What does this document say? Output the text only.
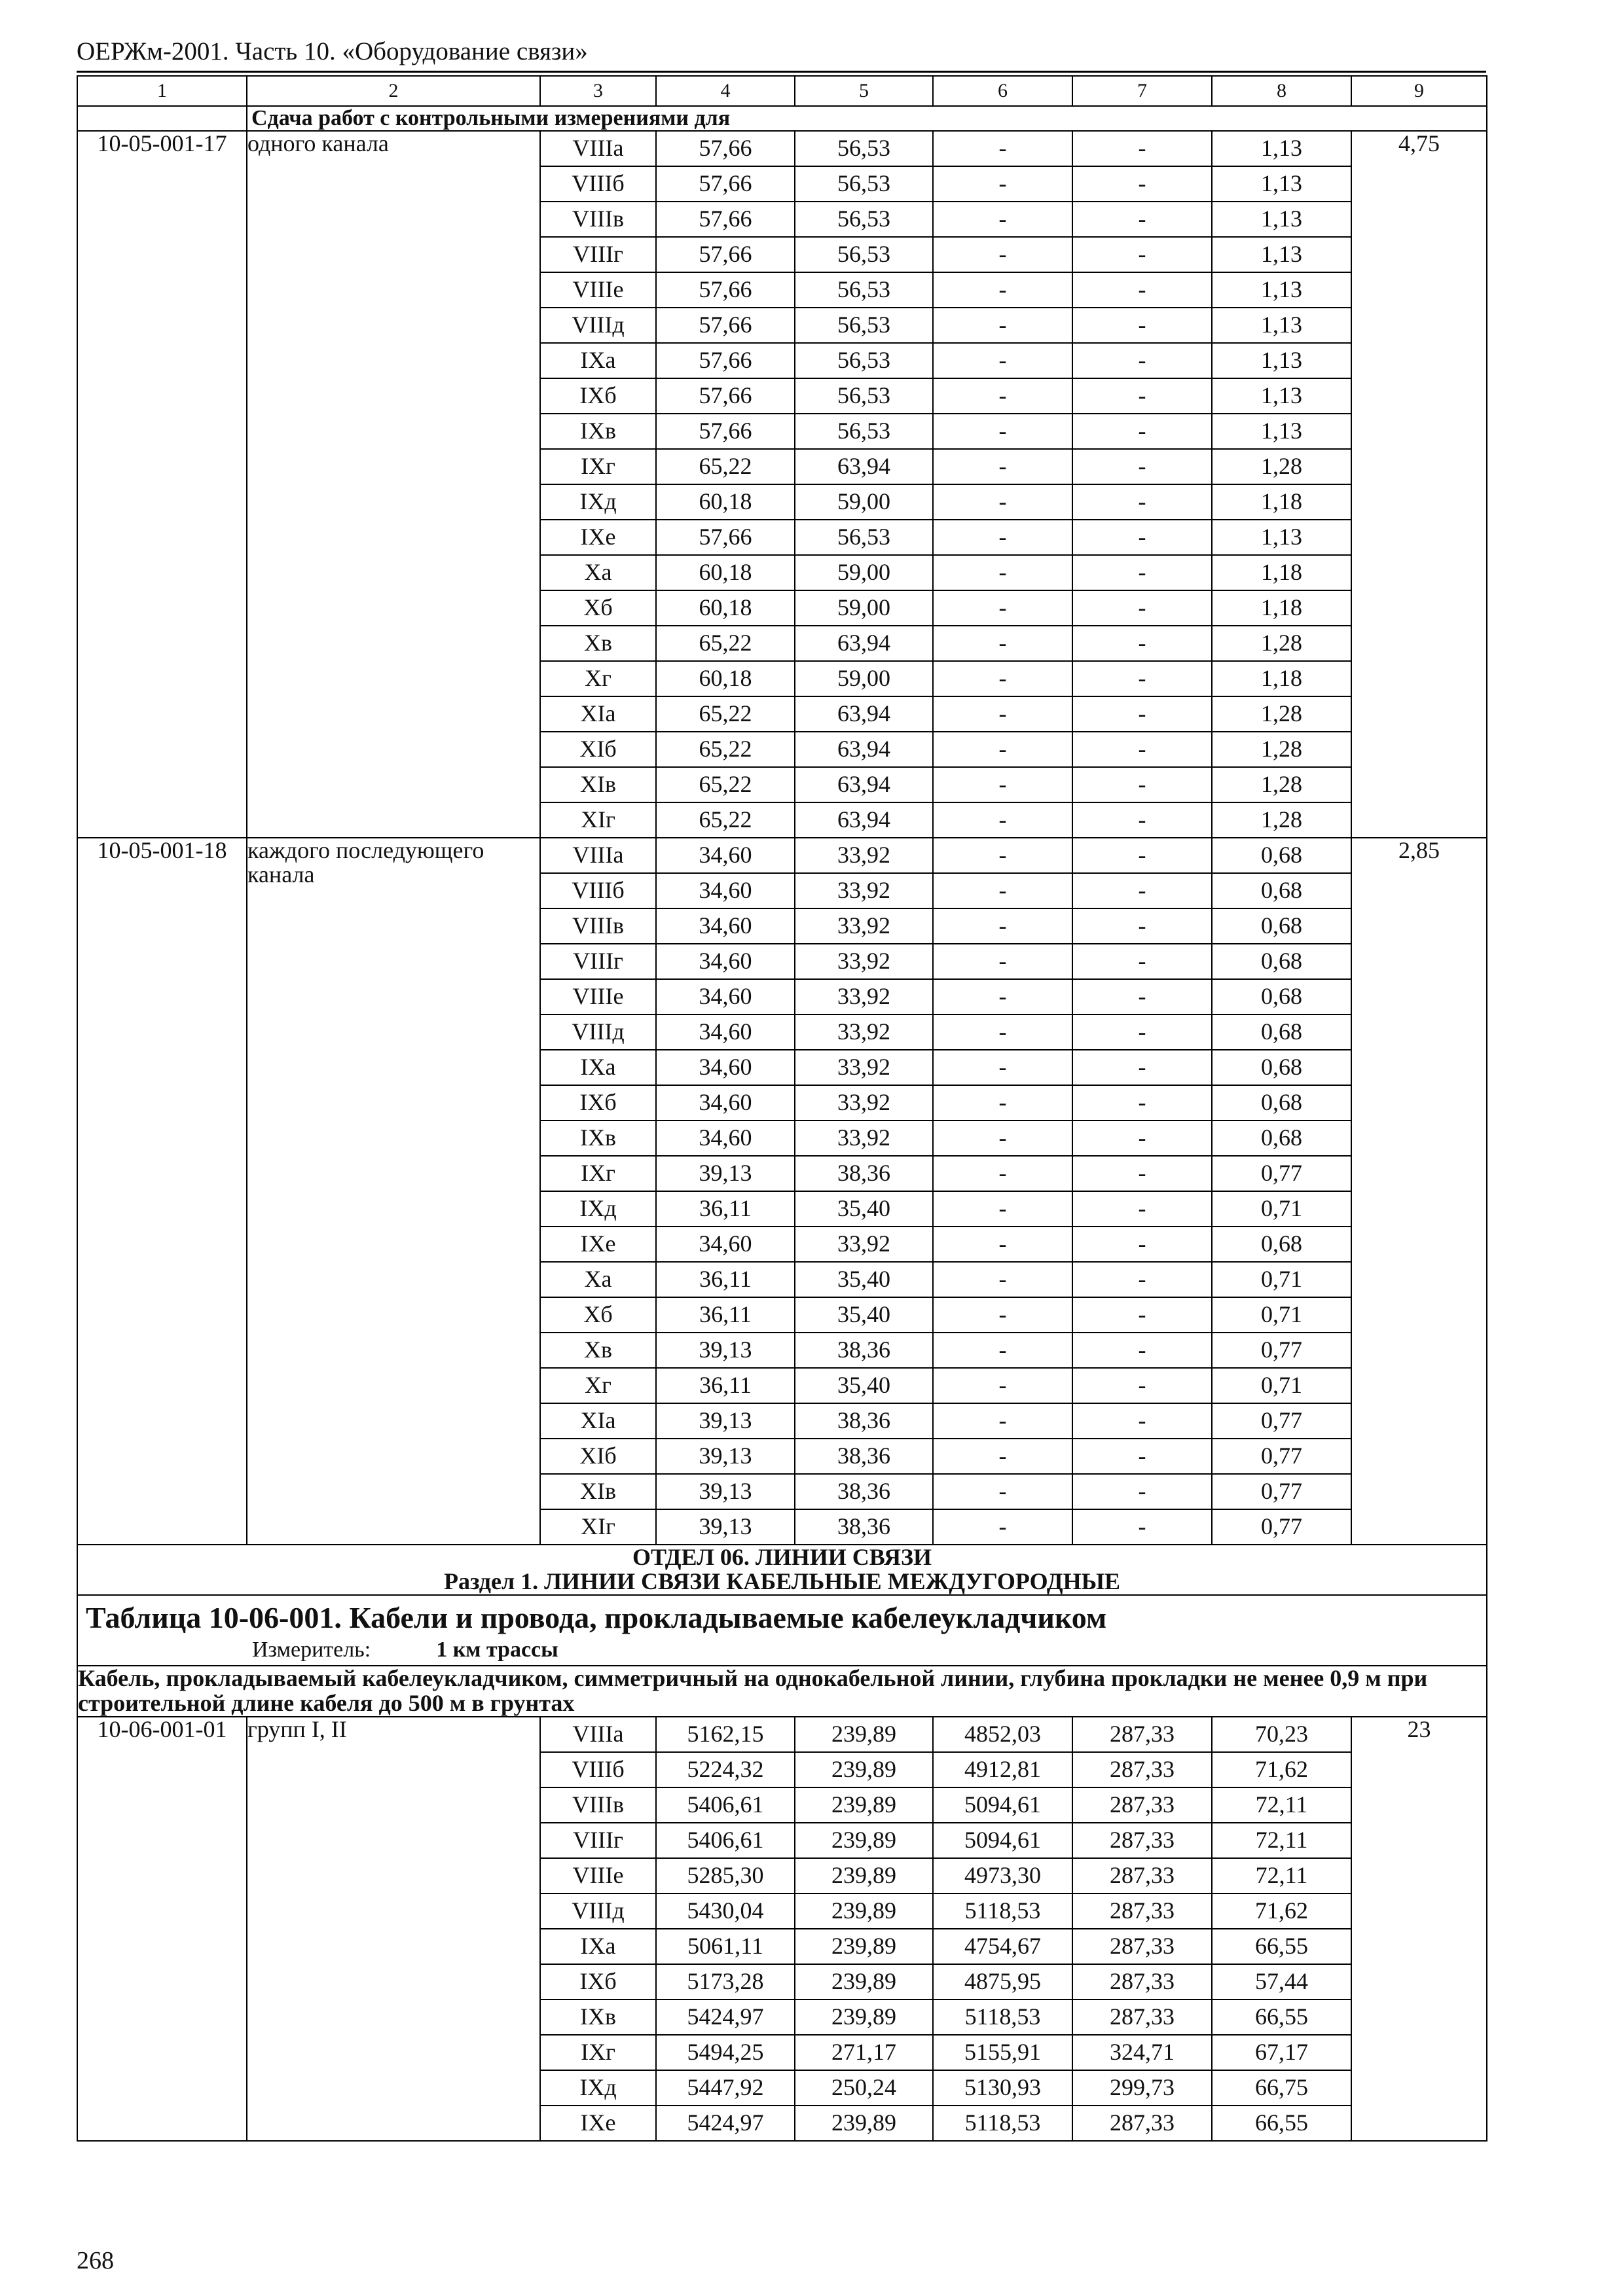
ОЕРЖм-2001. Часть 10. «Оборудование связи»
1	2	3	4	5	6	7	8	9
	Сдача работ с контрольными измерениями для							
10-05-001-17	одного канала	VIIIа	57,66	56,53	-	-	1,13	4,75
		VIIIб	57,66	56,53	-	-	1,13	
		VIIIв	57,66	56,53	-	-	1,13	
		VIIIг	57,66	56,53	-	-	1,13	
		VIIIе	57,66	56,53	-	-	1,13	
		VIIIд	57,66	56,53	-	-	1,13	
		IXа	57,66	56,53	-	-	1,13	
		IXб	57,66	56,53	-	-	1,13	
		IXв	57,66	56,53	-	-	1,13	
		IXг	65,22	63,94	-	-	1,28	
		IXд	60,18	59,00	-	-	1,18	
		IXе	57,66	56,53	-	-	1,13	
		Xа	60,18	59,00	-	-	1,18	
		Xб	60,18	59,00	-	-	1,18	
		Xв	65,22	63,94	-	-	1,28	
		Xг	60,18	59,00	-	-	1,18	
		XIа	65,22	63,94	-	-	1,28	
		XIб	65,22	63,94	-	-	1,28	
		XIв	65,22	63,94	-	-	1,28	
		XIг	65,22	63,94	-	-	1,28	
10-05-001-18	каждого последующего канала	VIIIа	34,60	33,92	-	-	0,68	2,85
		VIIIб	34,60	33,92	-	-	0,68	
		VIIIв	34,60	33,92	-	-	0,68	
		VIIIг	34,60	33,92	-	-	0,68	
		VIIIе	34,60	33,92	-	-	0,68	
		VIIIд	34,60	33,92	-	-	0,68	
		IXа	34,60	33,92	-	-	0,68	
		IXб	34,60	33,92	-	-	0,68	
		IXв	34,60	33,92	-	-	0,68	
		IXг	39,13	38,36	-	-	0,77	
		IXд	36,11	35,40	-	-	0,71	
		IXе	34,60	33,92	-	-	0,68	
		Xа	36,11	35,40	-	-	0,71	
		Xб	36,11	35,40	-	-	0,71	
		Xв	39,13	38,36	-	-	0,77	
		Xг	36,11	35,40	-	-	0,71	
		XIа	39,13	38,36	-	-	0,77	
		XIб	39,13	38,36	-	-	0,77	
		XIв	39,13	38,36	-	-	0,77	
		XIг	39,13	38,36	-	-	0,77	

ОТДЕЛ 06. ЛИНИИ СВЯЗИ
Раздел 1. ЛИНИИ СВЯЗИ КАБЕЛЬНЫЕ МЕЖДУГОРОДНЫЕ								

Таблица 10-06-001. Кабели и провода, прокладываемые кабелеукладчиком
Измеритель: 1 км трассы								

Кабель, прокладываемый кабелеукладчиком, симметричный на однокабельной линии, глубина прокладки не менее 0,9 м при строительной длине кабеля до 500 м в грунтах								
10-06-001-01	групп I, II	VIIIа	5162,15	239,89	4852,03	287,33	70,23	23
		VIIIб	5224,32	239,89	4912,81	287,33	71,62	
		VIIIв	5406,61	239,89	5094,61	287,33	72,11	
		VIIIг	5406,61	239,89	5094,61	287,33	72,11	
		VIIIе	5285,30	239,89	4973,30	287,33	72,11	
		VIIIд	5430,04	239,89	5118,53	287,33	71,62	
		IXа	5061,11	239,89	4754,67	287,33	66,55	
		IXб	5173,28	239,89	4875,95	287,33	57,44	
		IXв	5424,97	239,89	5118,53	287,33	66,55	
		IXг	5494,25	271,17	5155,91	324,71	67,17	
		IXд	5447,92	250,24	5130,93	299,73	66,75	
		IXе	5424,97	239,89	5118,53	287,33	66,55	
268
